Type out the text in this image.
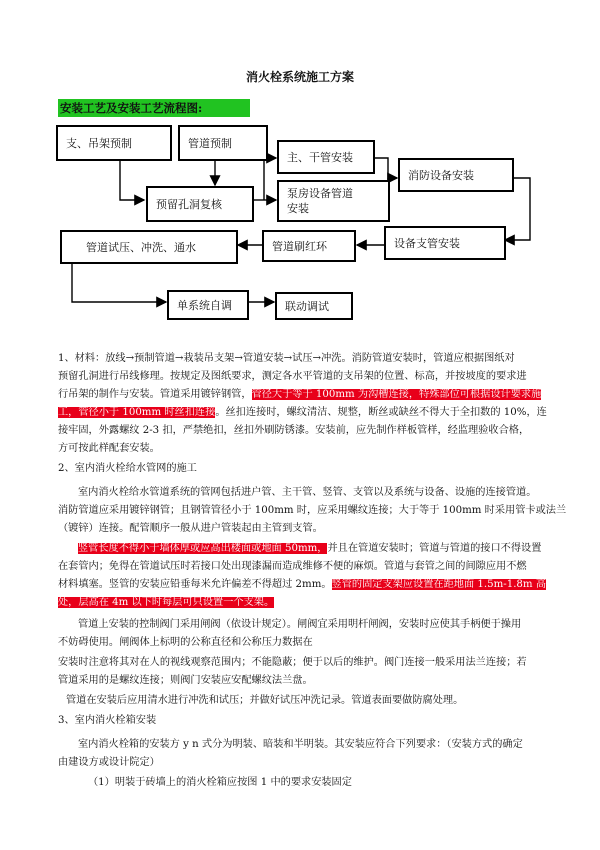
消火栓系统施工方案
安装工艺及安装工艺流程图:
支、吊架预制	管道预制
预留孔洞复核
主、干管安装
泵房设备管道
安装
消防设备安装
设备支管安装
管道刷红环
管道试压、冲洗、通水
单系统自调	联动调试
1、材料：放线→预制管道→栽装吊支架→管道安装→试压→冲洗。消防管道安装时，管道应根据图纸对
预留孔洞进行吊线修理。按规定及图纸要求，测定各水平管道的支吊架的位置、标高，并按坡度的要求进
行吊架的制作与安装。管道采用镀锌钢管，管径大于等于 100mm 为沟槽连接，特殊部位可根据设计要求施
工，管径小于 100mm 时丝扣连接。丝扣连接时，螺纹清洁、规整，断丝或缺丝不得大于全扣数的 10%，连
接牢固，外露螺纹 2-3 扣，严禁绝扣，丝扣外刷防锈漆。安装前，应先制作样板管样，经监理验收合格，
方可按此样配套安装。
2、室内消火栓给水管网的施工
室内消火栓给水管道系统的管网包括进户管、主干管、竖管、支管以及系统与设备、设施的连接管道。
消防管道应采用镀锌钢管；且钢管管径小于 100mm 时，应采用螺纹连接；大于等于 100mm 时采用管卡或法兰
（镀锌）连接。配管顺序一般从进户管装起由主管到支管。
竖管长度不得小于墙体厚或应高出楼面或地面 50mm，并且在管道安装时；管道与管道的接口不得设置
在套管内；免得在管道试压时若接口处出现漆漏而造成维修不便的麻烦。管道与套管之间的间隙应用不燃
材料填塞。竖管的安装应铅垂每米允许偏差不得超过 2mm。竖管的固定支架应设置在距地面 1.5m-1.8m 高
处，层高在 4m 以下时每层可只设置一个支架。
管道上安装的控制阀门采用闸阀（依设计规定）。闸阀宜采用明杆闸阀，安装时应使其手柄便于操用
不妨碍使用。闸阀体上标明的公称直径和公称压力数据在
安装时注意将其对在人的视线观察范围内；不能隐蔽；便于以后的维护。阀门连接一般采用法兰连接；若
管道采用的是螺纹连接；则阀门安装应安配螺纹法兰盘。
管道在安装后应用清水进行冲洗和试压；并做好试压冲洗记录。管道表面要做防腐处理。
3、室内消火栓箱安装
室内消火栓箱的安装方 y n 式分为明装、暗装和半明装。其安装应符合下列要求：（安装方式的确定
由建设方或设计院定）
（1）明装于砖墙上的消火栓箱应按图 1 中的要求安装固定
